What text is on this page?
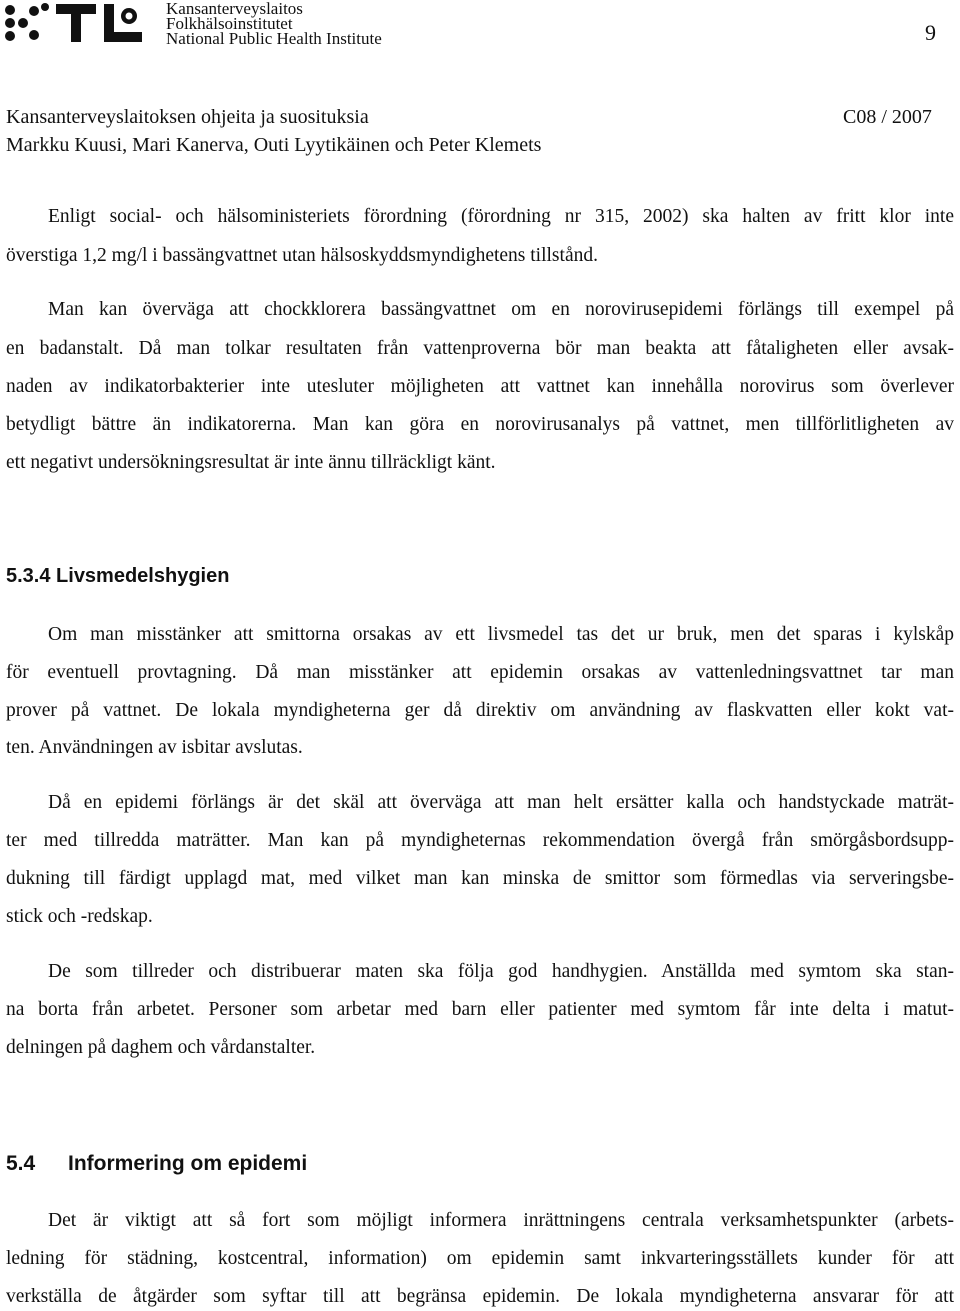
Kansanterveyslaitos
Folkhälsoinstitutet
National Public Health Institute	9
Kansanterveyslaitoksen ohjeita ja suosituksia	C08 / 2007
Markku Kuusi, Mari Kanerva, Outi Lyytikäinen och Peter Klemets
Enligt social- och hälsoministeriets förordning (förordning nr 315, 2002) ska halten av fritt klor inte
överstiga 1,2 mg/l i bassängvattnet utan hälsoskyddsmyndighetens tillstånd.
Man kan överväga att chockklorera bassängvattnet om en norovirusepidemi förlängs till exempel på
en badanstalt. Då man tolkar resultaten från vattenproverna bör man beakta att fåtaligheten eller avsak-
naden av indikatorbakterier inte utesluter möjligheten att vattnet kan innehålla norovirus som överlever
betydligt bättre än indikatorerna. Man kan göra en norovirusanalys på vattnet, men tillförlitligheten av
ett negativt undersökningsresultat är inte ännu tillräckligt känt.
5.3.4 Livsmedelshygien
Om man misstänker att smittorna orsakas av ett livsmedel tas det ur bruk, men det sparas i kylskåp
för eventuell provtagning. Då man misstänker att epidemin orsakas av vattenledningsvattnet tar man
prover på vattnet. De lokala myndigheterna ger då direktiv om användning av flaskvatten eller kokt vat-
ten. Användningen av isbitar avslutas.
Då en epidemi förlängs är det skäl att överväga att man helt ersätter kalla och handstyckade maträt-
ter med tillredda maträtter. Man kan på myndigheternas rekommendation övergå från smörgåsbordsupp-
dukning till färdigt upplagd mat, med vilket man kan minska de smittor som förmedlas via serveringsbe-
stick och -redskap.
De som tillreder och distribuerar maten ska följa god handhygien. Anställda med symtom ska stan-
na borta från arbetet. Personer som arbetar med barn eller patienter med symtom får inte delta i matut-
delningen på daghem och vårdanstalter.
5.4 Informering om epidemi
Det är viktigt att så fort som möjligt informera inrättningens centrala verksamhetspunkter (arbets-
ledning för städning, kostcentral, information) om epidemin samt inkvarteringsställets kunder för att
verkställa de åtgärder som syftar till att begränsa epidemin. De lokala myndigheterna ansvarar för att
